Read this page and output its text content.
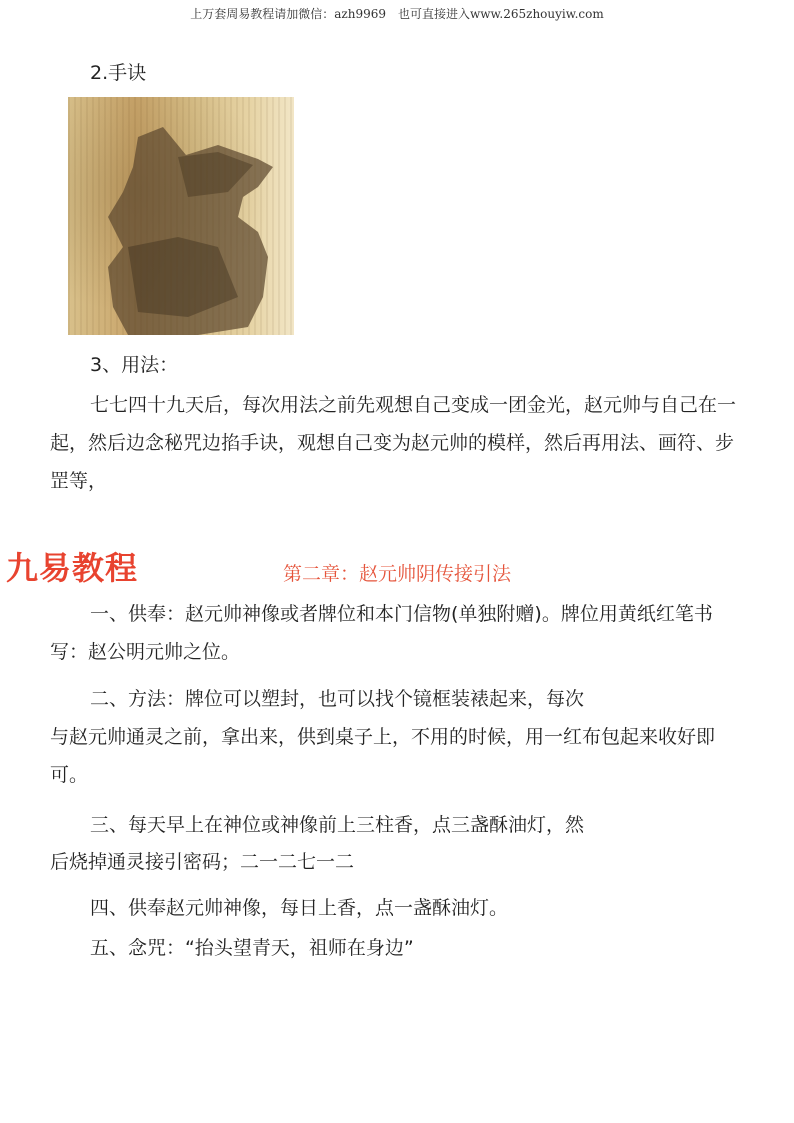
上万套周易教程请加微信：azh9969　也可直接进入www.265zhouyiw.com
2.手诀
3、用法：

七七四十九天后，每次用法之前先观想自己变成一团金光，赵元帅与自己在一起，然后边念秘咒边掐手诀，观想自己变为赵元帅的模样，然后再用法、画符、步罡等，

九易教程	第二章：赵元帅阴传接引法

一、供奉：赵元帅神像或者牌位和本门信物(单独附赠)。牌位用黄纸红笔书写：赵公明元帅之位。

二、方法：牌位可以塑封，也可以找个镜框装裱起来，每次

与赵元帅通灵之前，拿出来，供到桌子上，不用的时候，用一红布包起来收好即可。

三、每天早上在神位或神像前上三柱香，点三盏酥油灯，然
后烧掉通灵接引密码；二一二七一二
四、供奉赵元帅神像，每日上香，点一盏酥油灯。
五、念咒：“抬头望青天，祖师在身边”
